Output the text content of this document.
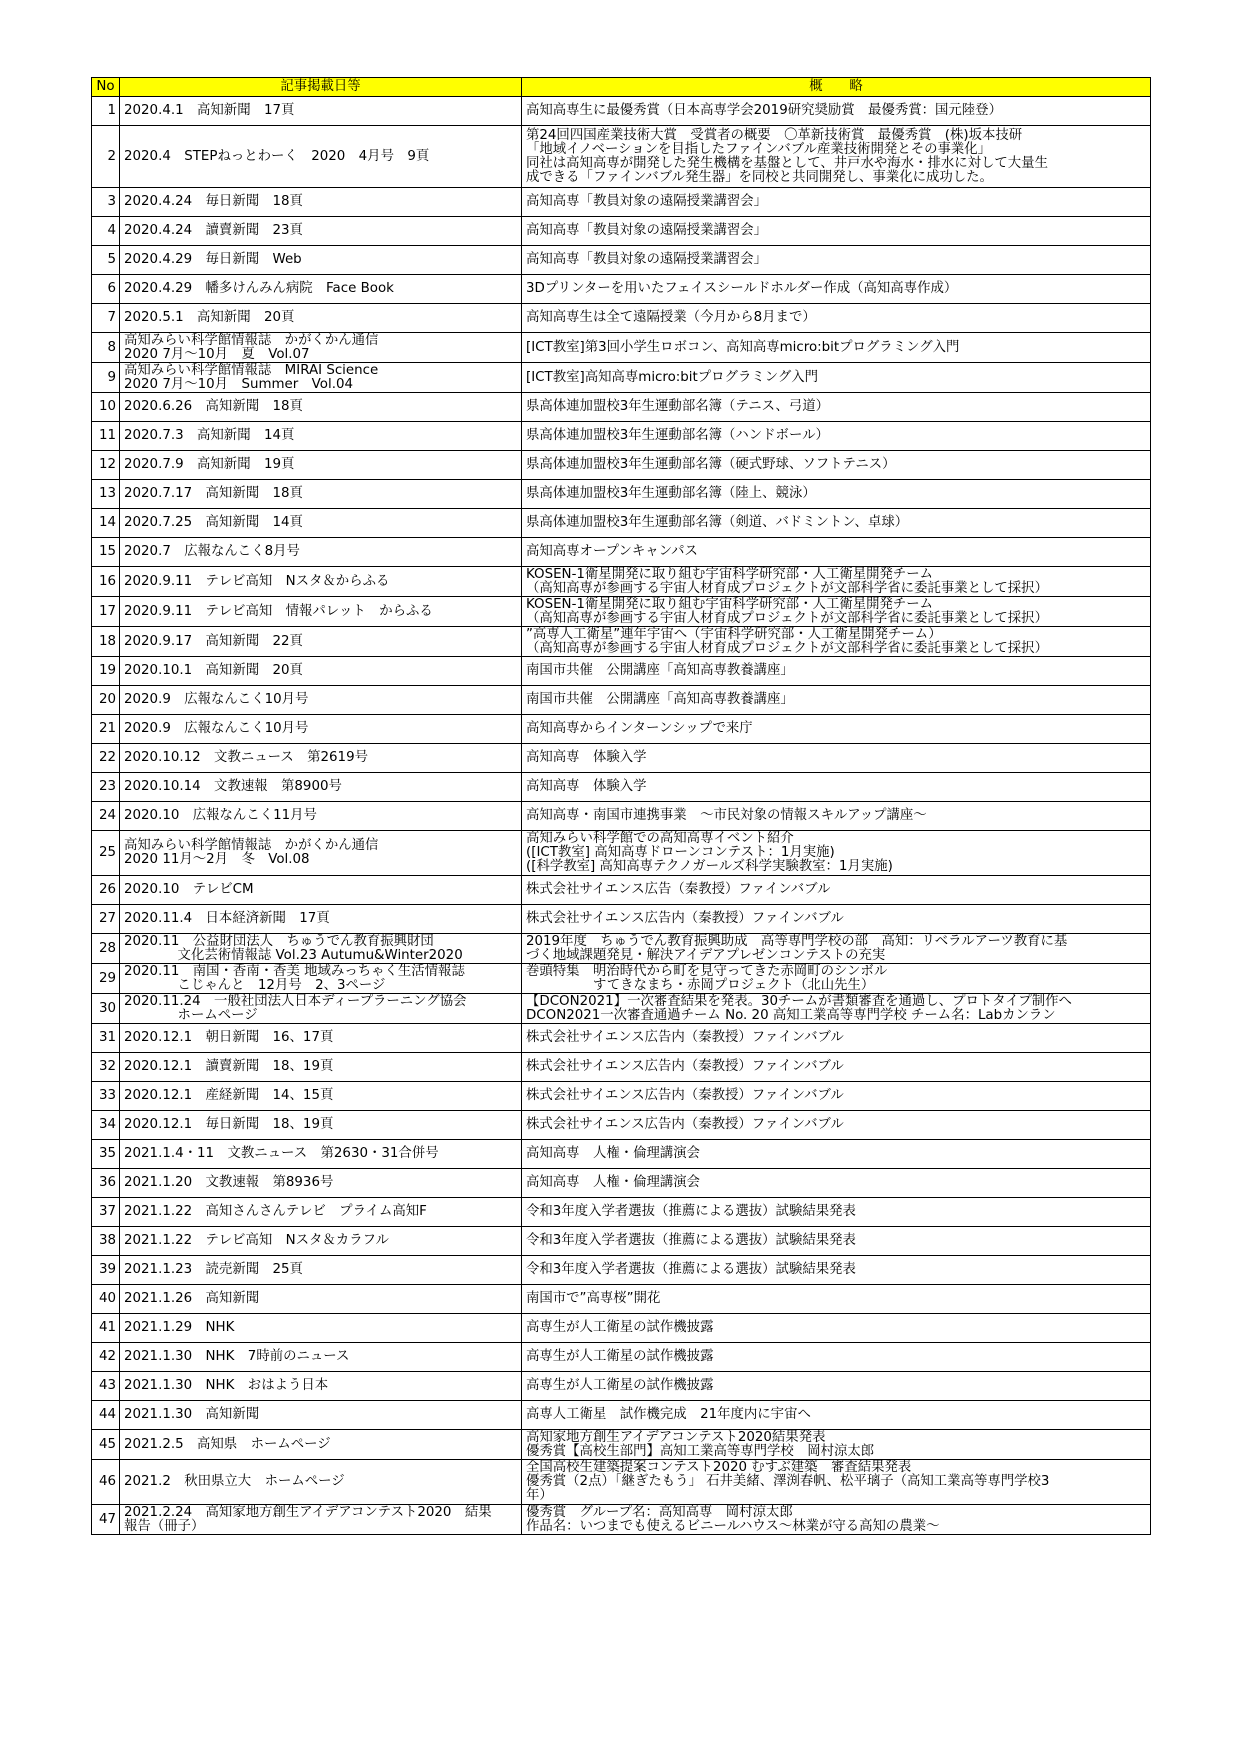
No	記事掲載日等	概　　略
1	2020.4.1　高知新聞　17頁	高知高専生に最優秀賞（日本高専学会2019研究奨励賞　最優秀賞：国元陸登）
2	2020.4　STEPねっとわーく　2020　4月号　9頁	第24回四国産業技術大賞　受賞者の概要　〇革新技術賞　最優秀賞　(株)坂本技研
「地域イノベーションを目指したファインバブル産業技術開発とその事業化」
同社は高知高専が開発した発生機構を基盤として、井戸水や海水・排水に対して大量生
成できる「ファインバブル発生器」を同校と共同開発し、事業化に成功した。
3	2020.4.24　毎日新聞　18頁	高知高専「教員対象の遠隔授業講習会」
4	2020.4.24　讀賣新聞　23頁	高知高専「教員対象の遠隔授業講習会」
5	2020.4.29　毎日新聞　Web	高知高専「教員対象の遠隔授業講習会」
6	2020.4.29　幡多けんみん病院　Face Book	3Dプリンターを用いたフェイスシールドホルダー作成（高知高専作成）
7	2020.5.1　高知新聞　20頁	高知高専生は全て遠隔授業（今月から8月まで）
8	高知みらい科学館情報誌　かがくかん通信
2020 7月～10月　夏　Vol.07	[ICT教室]第3回小学生ロボコン、高知高専micro:bitプログラミング入門
9	高知みらい科学館情報誌　MIRAI Science
2020 7月～10月　Summer　Vol.04	[ICT教室]高知高専micro:bitプログラミング入門
10	2020.6.26　高知新聞　18頁	県高体連加盟校3年生運動部名簿（テニス、弓道）
11	2020.7.3　高知新聞　14頁	県高体連加盟校3年生運動部名簿（ハンドボール）
12	2020.7.9　高知新聞　19頁	県高体連加盟校3年生運動部名簿（硬式野球、ソフトテニス）
13	2020.7.17　高知新聞　18頁	県高体連加盟校3年生運動部名簿（陸上、競泳）
14	2020.7.25　高知新聞　14頁	県高体連加盟校3年生運動部名簿（剣道、バドミントン、卓球）
15	2020.7　広報なんこく8月号	高知高専オープンキャンパス
16	2020.9.11　テレビ高知　Nスタ＆からふる	KOSEN-1衛星開発に取り組む宇宙科学研究部・人工衛星開発チーム
（高知高専が参画する宇宙人材育成プロジェクトが文部科学省に委託事業として採択）
17	2020.9.11　テレビ高知　情報パレット　からふる	KOSEN-1衛星開発に取り組む宇宙科学研究部・人工衛星開発チーム
（高知高専が参画する宇宙人材育成プロジェクトが文部科学省に委託事業として採択）
18	2020.9.17　高知新聞　22頁	”高専人工衛星”連年宇宙へ（宇宙科学研究部・人工衛星開発チーム）
（高知高専が参画する宇宙人材育成プロジェクトが文部科学省に委託事業として採択）
19	2020.10.1　高知新聞　20頁	南国市共催　公開講座「高知高専教養講座」
20	2020.9　広報なんこく10月号	南国市共催　公開講座「高知高専教養講座」
21	2020.9　広報なんこく10月号	高知高専からインターンシップで来庁
22	2020.10.12　文教ニュース　第2619号	高知高専　体験入学
23	2020.10.14　文教速報　第8900号	高知高専　体験入学
24	2020.10　広報なんこく11月号	高知高専・南国市連携事業　～市民対象の情報スキルアップ講座～
25	高知みらい科学館情報誌　かがくかん通信
2020 11月～2月　冬　Vol.08	高知みらい科学館での高知高専イベント紹介
([ICT教室] 高知高専ドローンコンテスト：1月実施)
([科学教室] 高知高専テクノガールズ科学実験教室：1月実施)
26	2020.10　テレビCM	株式会社サイエンス広告（秦教授）ファインバブル
27	2020.11.4　日本経済新聞　17頁	株式会社サイエンス広告内（秦教授）ファインバブル
28	2020.11　公益財団法人　ちゅうでん教育振興財団
　　　　文化芸術情報誌 Vol.23 Autumu&Winter2020	2019年度　ちゅうでん教育振興助成　高等専門学校の部　高知：リベラルアーツ教育に基
づく地域課題発見・解決アイデアプレゼンコンテストの充実
29	2020.11　南国・香南・香美 地域みっちゃく生活情報誌
　　　　こじゃんと　12月号　2、3ページ	巻頭特集　明治時代から町を見守ってきた赤岡町のシンボル
　　　　　すてきなまち・赤岡プロジェクト（北山先生）
30	2020.11.24　一般社団法人日本ディープラーニング協会
　　　　ホームページ	【DCON2021】一次審査結果を発表。30チームが書類審査を通過し、プロトタイプ制作へ
DCON2021一次審査通過チーム No. 20 高知工業高等専門学校 チーム名：Labカンラン
31	2020.12.1　朝日新聞　16、17頁	株式会社サイエンス広告内（秦教授）ファインバブル
32	2020.12.1　讀賣新聞　18、19頁	株式会社サイエンス広告内（秦教授）ファインバブル
33	2020.12.1　産経新聞　14、15頁	株式会社サイエンス広告内（秦教授）ファインバブル
34	2020.12.1　毎日新聞　18、19頁	株式会社サイエンス広告内（秦教授）ファインバブル
35	2021.1.4・11　文教ニュース　第2630・31合併号	高知高専　人権・倫理講演会
36	2021.1.20　文教速報　第8936号	高知高専　人権・倫理講演会
37	2021.1.22　高知さんさんテレビ　プライム高知F	令和3年度入学者選抜（推薦による選抜）試験結果発表
38	2021.1.22　テレビ高知　Nスタ＆カラフル	令和3年度入学者選抜（推薦による選抜）試験結果発表
39	2021.1.23　読売新聞　25頁	令和3年度入学者選抜（推薦による選抜）試験結果発表
40	2021.1.26　高知新聞	南国市で”高専桜”開花
41	2021.1.29　NHK	高専生が人工衛星の試作機披露
42	2021.1.30　NHK　7時前のニュース	高専生が人工衛星の試作機披露
43	2021.1.30　NHK　おはよう日本	高専生が人工衛星の試作機披露
44	2021.1.30　高知新聞	高専人工衛星　試作機完成　21年度内に宇宙へ
45	2021.2.5　高知県　ホームページ	高知家地方創生アイデアコンテスト2020結果発表
優秀賞【高校生部門】高知工業高等専門学校　岡村涼太郎
46	2021.2　秋田県立大　ホームページ	全国高校生建築提案コンテスト2020 むすぶ建築　審査結果発表
優秀賞（2点）「継ぎたもう」 石井美緒、澤渕春帆、松平璃子（高知工業高等専門学校3
年）
47	2021.2.24　高知家地方創生アイデアコンテスト2020　結果
報告（冊子）	優秀賞　グループ名：高知高専　岡村涼太郎
作品名：いつまでも使えるビニールハウス～林業が守る高知の農業～
